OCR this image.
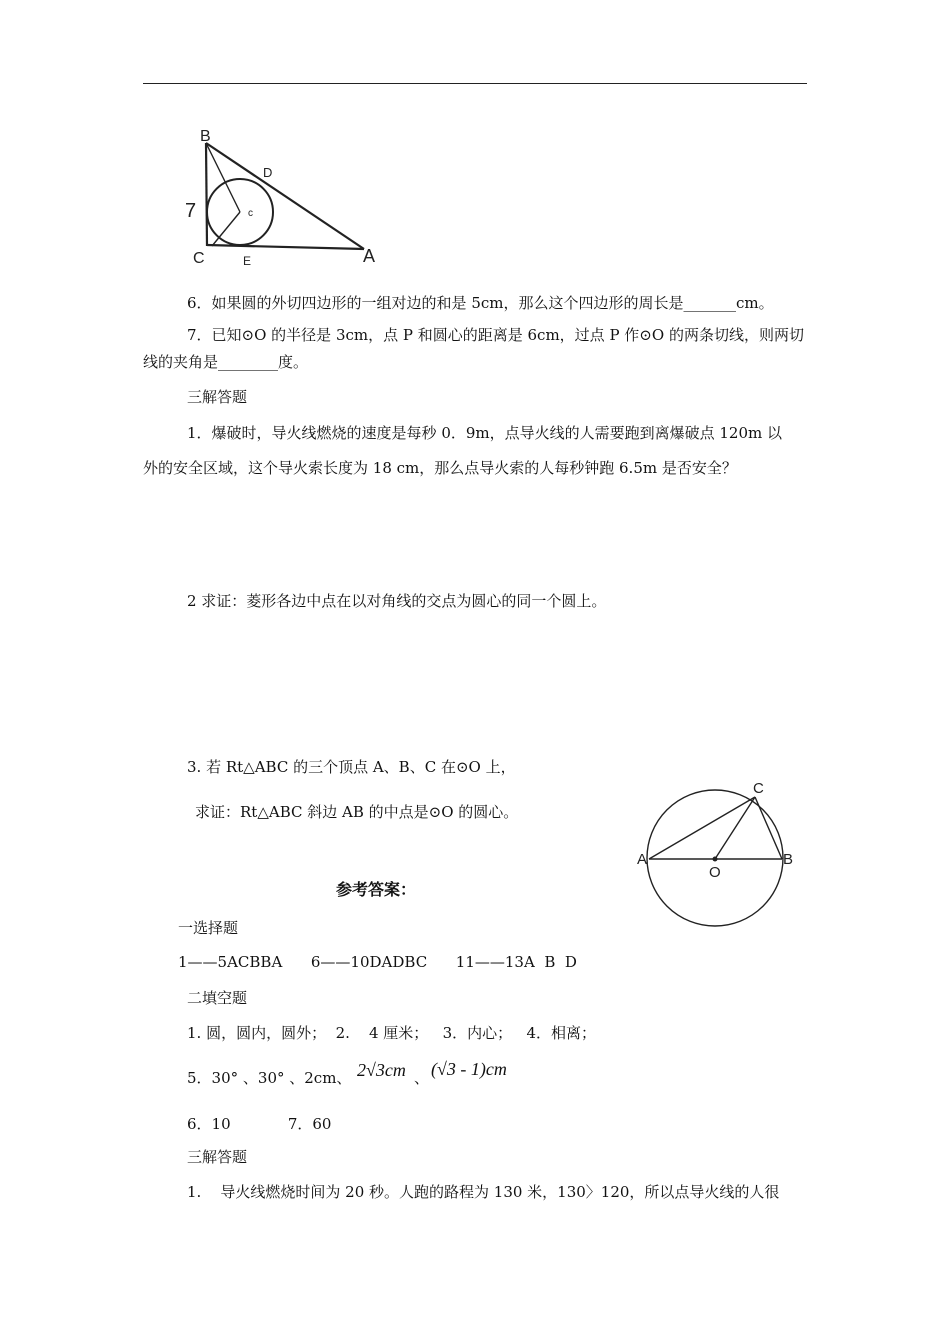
B
D
7	c
C	E	A
6．如果圆的外切四边形的一组对边的和是 5cm，那么这个四边形的周长是_______cm。
7．已知⊙O 的半径是 3cm，点 P 和圆心的距离是 6cm，过点 P 作⊙O 的两条切线，则两切
线的夹角是________度。
三解答题
1．爆破时，导火线燃烧的速度是每秒 0．9m，点导火线的人需要跑到离爆破点 120m 以
外的安全区域，这个导火索长度为 18 cm，那么点导火索的人每秒钟跑 6.5m 是否安全？
2 求证：菱形各边中点在以对角线的交点为圆心的同一个圆上。
3. 若 Rt△ABC 的三个顶点 A、B、C 在⊙O 上，
求证：Rt△ABC 斜边 AB 的中点是⊙O 的圆心。
A	B
C
O
参考答案：
一选择题
1——5ACBBA      6——10DADBC      11——13A  B  D
二填空题
1. 圆，圆内，圆外；  2.    4 厘米；   3．内心；   4．相离；
5．30° 、30° 、2cm、 2√3cm 、 (√3 - 1)cm
6．10            7．60
三解答题
1.    导火线燃烧时间为 20 秒。人跑的路程为 130 米，130〉120，所以点导火线的人很
